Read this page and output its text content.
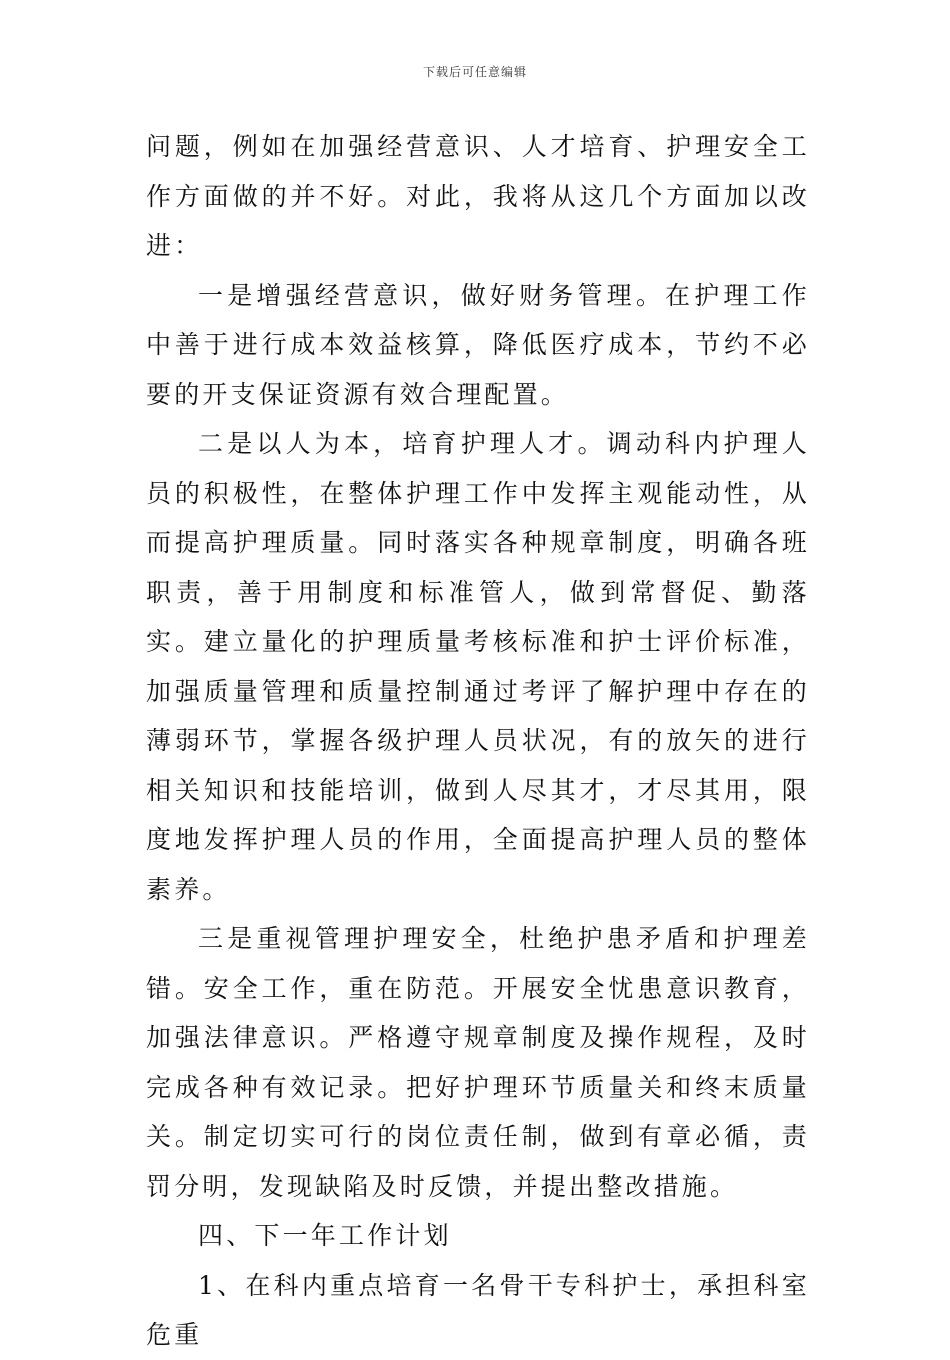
下载后可任意编辑

问题，例如在加强经营意识、人才培育、护理安全工作方面做的并不好。对此，我将从这几个方面加以改进：

一是增强经营意识，做好财务管理。在护理工作中善于进行成本效益核算，降低医疗成本，节约不必要的开支保证资源有效合理配置。

二是以人为本，培育护理人才。调动科内护理人员的积极性，在整体护理工作中发挥主观能动性，从而提高护理质量。同时落实各种规章制度，明确各班职责，善于用制度和标准管人，做到常督促、勤落实。建立量化的护理质量考核标准和护士评价标准，加强质量管理和质量控制通过考评了解护理中存在的薄弱环节，掌握各级护理人员状况，有的放矢的进行相关知识和技能培训，做到人尽其才，才尽其用，限度地发挥护理人员的作用，全面提高护理人员的整体素养。

三是重视管理护理安全，杜绝护患矛盾和护理差错。安全工作，重在防范。开展安全忧患意识教育，加强法律意识。严格遵守规章制度及操作规程，及时完成各种有效记录。把好护理环节质量关和终末质量关。制定切实可行的岗位责任制，做到有章必循，责罚分明，发现缺陷及时反馈，并提出整改措施。

四、下一年工作计划

1、在科内重点培育一名骨干专科护士，承担科室危重
